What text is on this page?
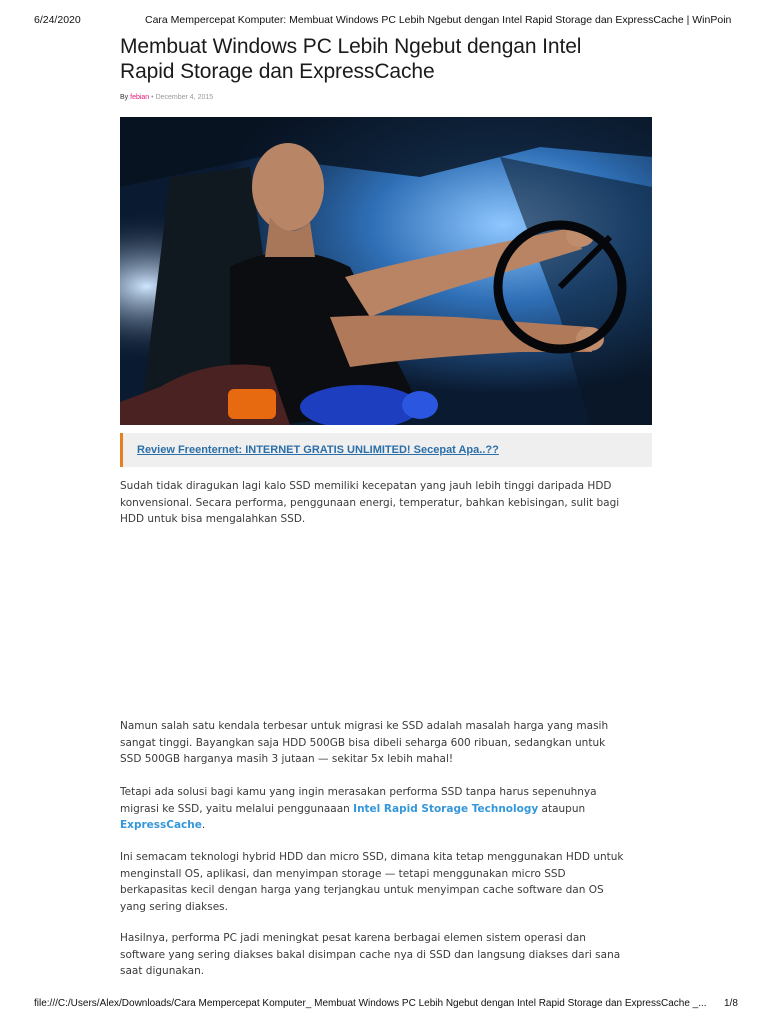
6/24/2020	Cara Mempercepat Komputer: Membuat Windows PC Lebih Ngebut dengan Intel Rapid Storage dan ExpressCache | WinPoin
Membuat Windows PC Lebih Ngebut dengan Intel
Rapid Storage dan ExpressCache
By febian • December 4, 2015
Review Freenternet: INTERNET GRATIS UNLIMITED! Secepat Apa..??

Sudah tidak diragukan lagi kalo SSD memiliki kecepatan yang jauh lebih tinggi daripada HDD
konvensional. Secara performa, penggunaan energi, temperatur, bahkan kebisingan, sulit bagi
HDD untuk bisa mengalahkan SSD.

Namun salah satu kendala terbesar untuk migrasi ke SSD adalah masalah harga yang masih
sangat tinggi. Bayangkan saja HDD 500GB bisa dibeli seharga 600 ribuan, sedangkan untuk
SSD 500GB harganya masih 3 jutaan — sekitar 5x lebih mahal!

Tetapi ada solusi bagi kamu yang ingin merasakan performa SSD tanpa harus sepenuhnya
migrasi ke SSD, yaitu melalui penggunaaan Intel Rapid Storage Technology ataupun
ExpressCache.

Ini semacam teknologi hybrid HDD dan micro SSD, dimana kita tetap menggunakan HDD untuk
menginstall OS, aplikasi, dan menyimpan storage — tetapi menggunakan micro SSD
berkapasitas kecil dengan harga yang terjangkau untuk menyimpan cache software dan OS
yang sering diakses.

Hasilnya, performa PC jadi meningkat pesat karena berbagai elemen sistem operasi dan
software yang sering diakses bakal disimpan cache nya di SSD dan langsung diakses dari sana
saat digunakan.

file:///C:/Users/Alex/Downloads/Cara Mempercepat Komputer_ Membuat Windows PC Lebih Ngebut dengan Intel Rapid Storage dan ExpressCache _... 1/8
